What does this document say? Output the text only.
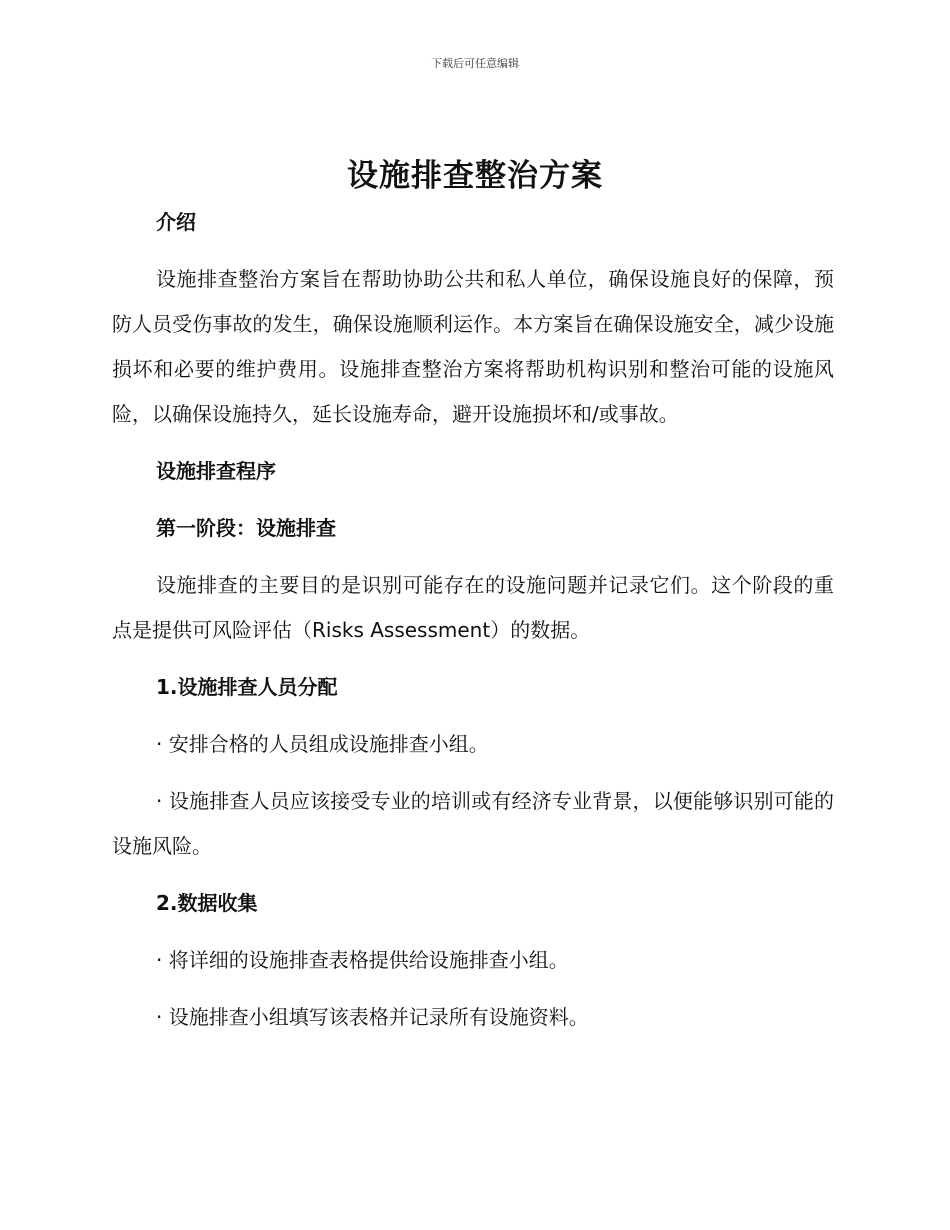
下载后可任意编辑
设施排查整治方案
介绍

设施排查整治方案旨在帮助协助公共和私人单位，确保设施良好的保障，预防人员受伤事故的发生，确保设施顺利运作。本方案旨在确保设施安全，减少设施损坏和必要的维护费用。设施排查整治方案将帮助机构识别和整治可能的设施风险，以确保设施持久，延长设施寿命，避开设施损坏和/或事故。

设施排查程序
第一阶段：设施排查

设施排查的主要目的是识别可能存在的设施问题并记录它们。这个阶段的重点是提供可风险评估（Risks Assessment）的数据。

1.设施排查人员分配

· 安排合格的人员组成设施排查小组。

· 设施排查人员应该接受专业的培训或有经济专业背景，以便能够识别可能的设施风险。

2.数据收集

· 将详细的设施排查表格提供给设施排查小组。

· 设施排查小组填写该表格并记录所有设施资料。
